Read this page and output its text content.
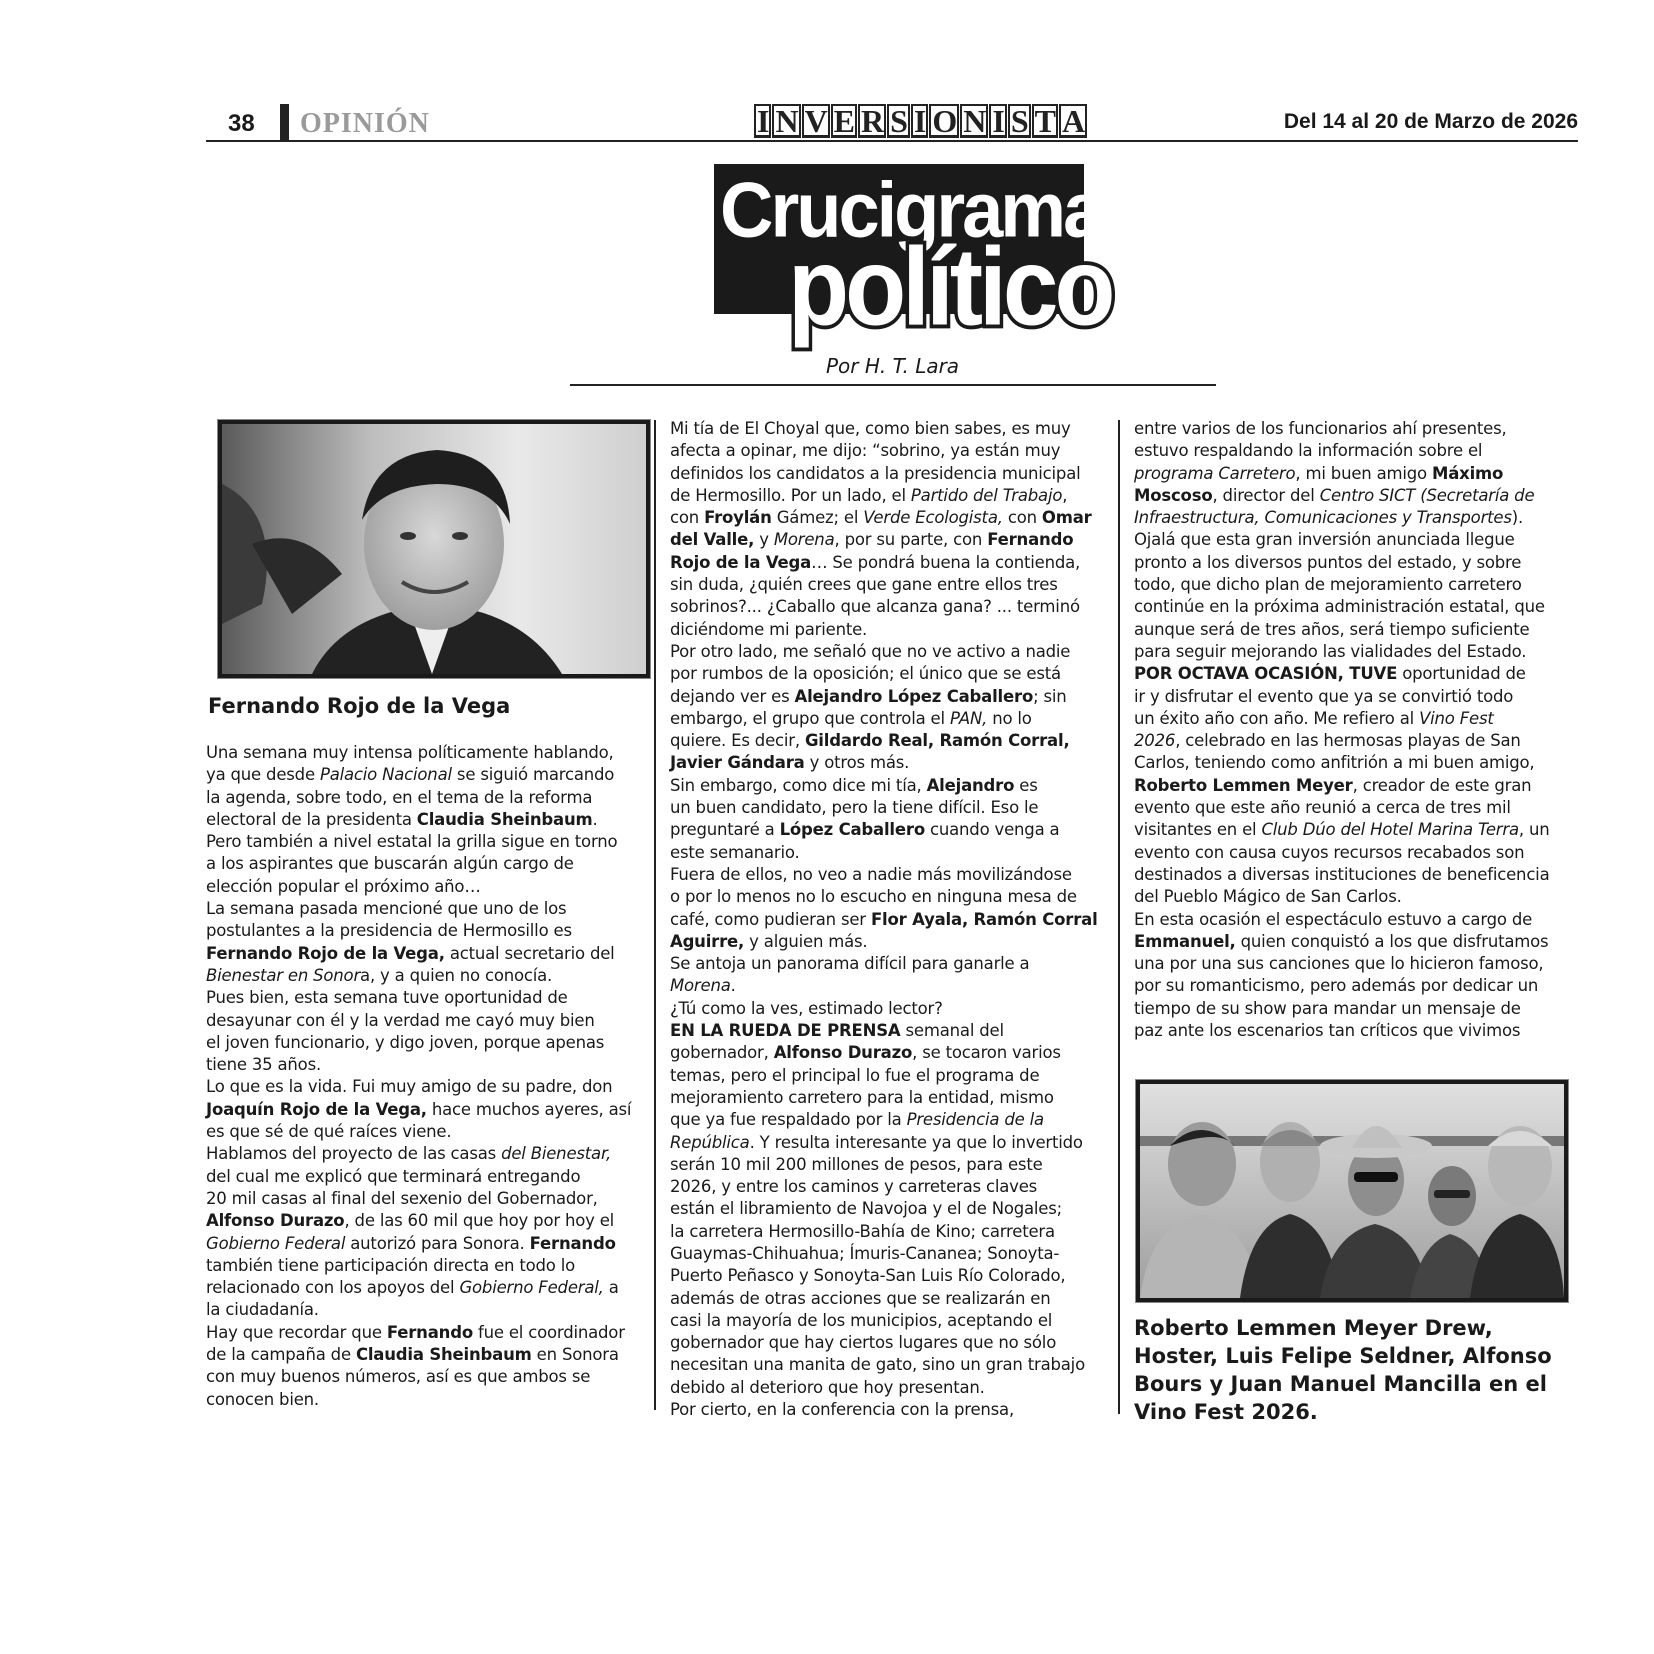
38 OPINIÓN	I N V E R S I O N I S T A	Del 14 al 20 de Marzo de 2026
Crucigrama
político
Por H. T. Lara
Fernando Rojo de la Vega
Roberto Lemmen Meyer Drew, Hoster, Luis Felipe Seldner, Alfonso Bours y Juan Manuel Mancilla en el Vino Fest 2026.
Una semana muy intensa políticamente hablando,
ya que desde Palacio Nacional se siguió marcando
la agenda, sobre todo, en el tema de la reforma
electoral de la presidenta Claudia Sheinbaum.
Pero también a nivel estatal la grilla sigue en torno
a los aspirantes que buscarán algún cargo de
elección popular el próximo año…
La semana pasada mencioné que uno de los
postulantes a la presidencia de Hermosillo es
Fernando Rojo de la Vega, actual secretario del
Bienestar en Sonora, y a quien no conocía.
Pues bien, esta semana tuve oportunidad de
desayunar con él y la verdad me cayó muy bien
el joven funcionario, y digo joven, porque apenas
tiene 35 años.
Lo que es la vida. Fui muy amigo de su padre, don
Joaquín Rojo de la Vega, hace muchos ayeres, así
es que sé de qué raíces viene.
Hablamos del proyecto de las casas del Bienestar,
del cual me explicó que terminará entregando
20 mil casas al final del sexenio del Gobernador,
Alfonso Durazo, de las 60 mil que hoy por hoy el
Gobierno Federal autorizó para Sonora. Fernando
también tiene participación directa en todo lo
relacionado con los apoyos del Gobierno Federal, a
la ciudadanía.
Hay que recordar que Fernando fue el coordinador
de la campaña de Claudia Sheinbaum en Sonora
con muy buenos números, así es que ambos se
conocen bien.
Mi tía de El Choyal que, como bien sabes, es muy
afecta a opinar, me dijo: “sobrino, ya están muy
definidos los candidatos a la presidencia municipal
de Hermosillo. Por un lado, el Partido del Trabajo,
con Froylán Gámez; el Verde Ecologista, con Omar
del Valle, y Morena, por su parte, con Fernando
Rojo de la Vega… Se pondrá buena la contienda,
sin duda, ¿quién crees que gane entre ellos tres
sobrinos?... ¿Caballo que alcanza gana? ... terminó
diciéndome mi pariente.
Por otro lado, me señaló que no ve activo a nadie
por rumbos de la oposición; el único que se está
dejando ver es Alejandro López Caballero; sin
embargo, el grupo que controla el PAN, no lo
quiere. Es decir, Gildardo Real, Ramón Corral,
Javier Gándara y otros más.
Sin embargo, como dice mi tía, Alejandro es
un buen candidato, pero la tiene difícil. Eso le
preguntaré a López Caballero cuando venga a
este semanario.
Fuera de ellos, no veo a nadie más movilizándose
o por lo menos no lo escucho en ninguna mesa de
café, como pudieran ser Flor Ayala, Ramón Corral
Aguirre, y alguien más.
Se antoja un panorama difícil para ganarle a
Morena.
¿Tú como la ves, estimado lector?
EN LA RUEDA DE PRENSA semanal del
gobernador, Alfonso Durazo, se tocaron varios
temas, pero el principal lo fue el programa de
mejoramiento carretero para la entidad, mismo
que ya fue respaldado por la Presidencia de la
República. Y resulta interesante ya que lo invertido
serán 10 mil 200 millones de pesos, para este
2026, y entre los caminos y carreteras claves
están el libramiento de Navojoa y el de Nogales;
la carretera Hermosillo-Bahía de Kino; carretera
Guaymas-Chihuahua; Ímuris-Cananea; Sonoyta-
Puerto Peñasco y Sonoyta-San Luis Río Colorado,
además de otras acciones que se realizarán en
casi la mayoría de los municipios, aceptando el
gobernador que hay ciertos lugares que no sólo
necesitan una manita de gato, sino un gran trabajo
debido al deterioro que hoy presentan.
Por cierto, en la conferencia con la prensa,
entre varios de los funcionarios ahí presentes,
estuvo respaldando la información sobre el
programa Carretero, mi buen amigo Máximo
Moscoso, director del Centro SICT (Secretaría de
Infraestructura, Comunicaciones y Transportes).
Ojalá que esta gran inversión anunciada llegue
pronto a los diversos puntos del estado, y sobre
todo, que dicho plan de mejoramiento carretero
continúe en la próxima administración estatal, que
aunque será de tres años, será tiempo suficiente
para seguir mejorando las vialidades del Estado.
POR OCTAVA OCASIÓN, TUVE oportunidad de
ir y disfrutar el evento que ya se convirtió todo
un éxito año con año. Me refiero al Vino Fest
2026, celebrado en las hermosas playas de San
Carlos, teniendo como anfitrión a mi buen amigo,
Roberto Lemmen Meyer, creador de este gran
evento que este año reunió a cerca de tres mil
visitantes en el Club Dúo del Hotel Marina Terra, un
evento con causa cuyos recursos recabados son
destinados a diversas instituciones de beneficencia
del Pueblo Mágico de San Carlos.
En esta ocasión el espectáculo estuvo a cargo de
Emmanuel, quien conquistó a los que disfrutamos
una por una sus canciones que lo hicieron famoso,
por su romanticismo, pero además por dedicar un
tiempo de su show para mandar un mensaje de
paz ante los escenarios tan críticos que vivimos
